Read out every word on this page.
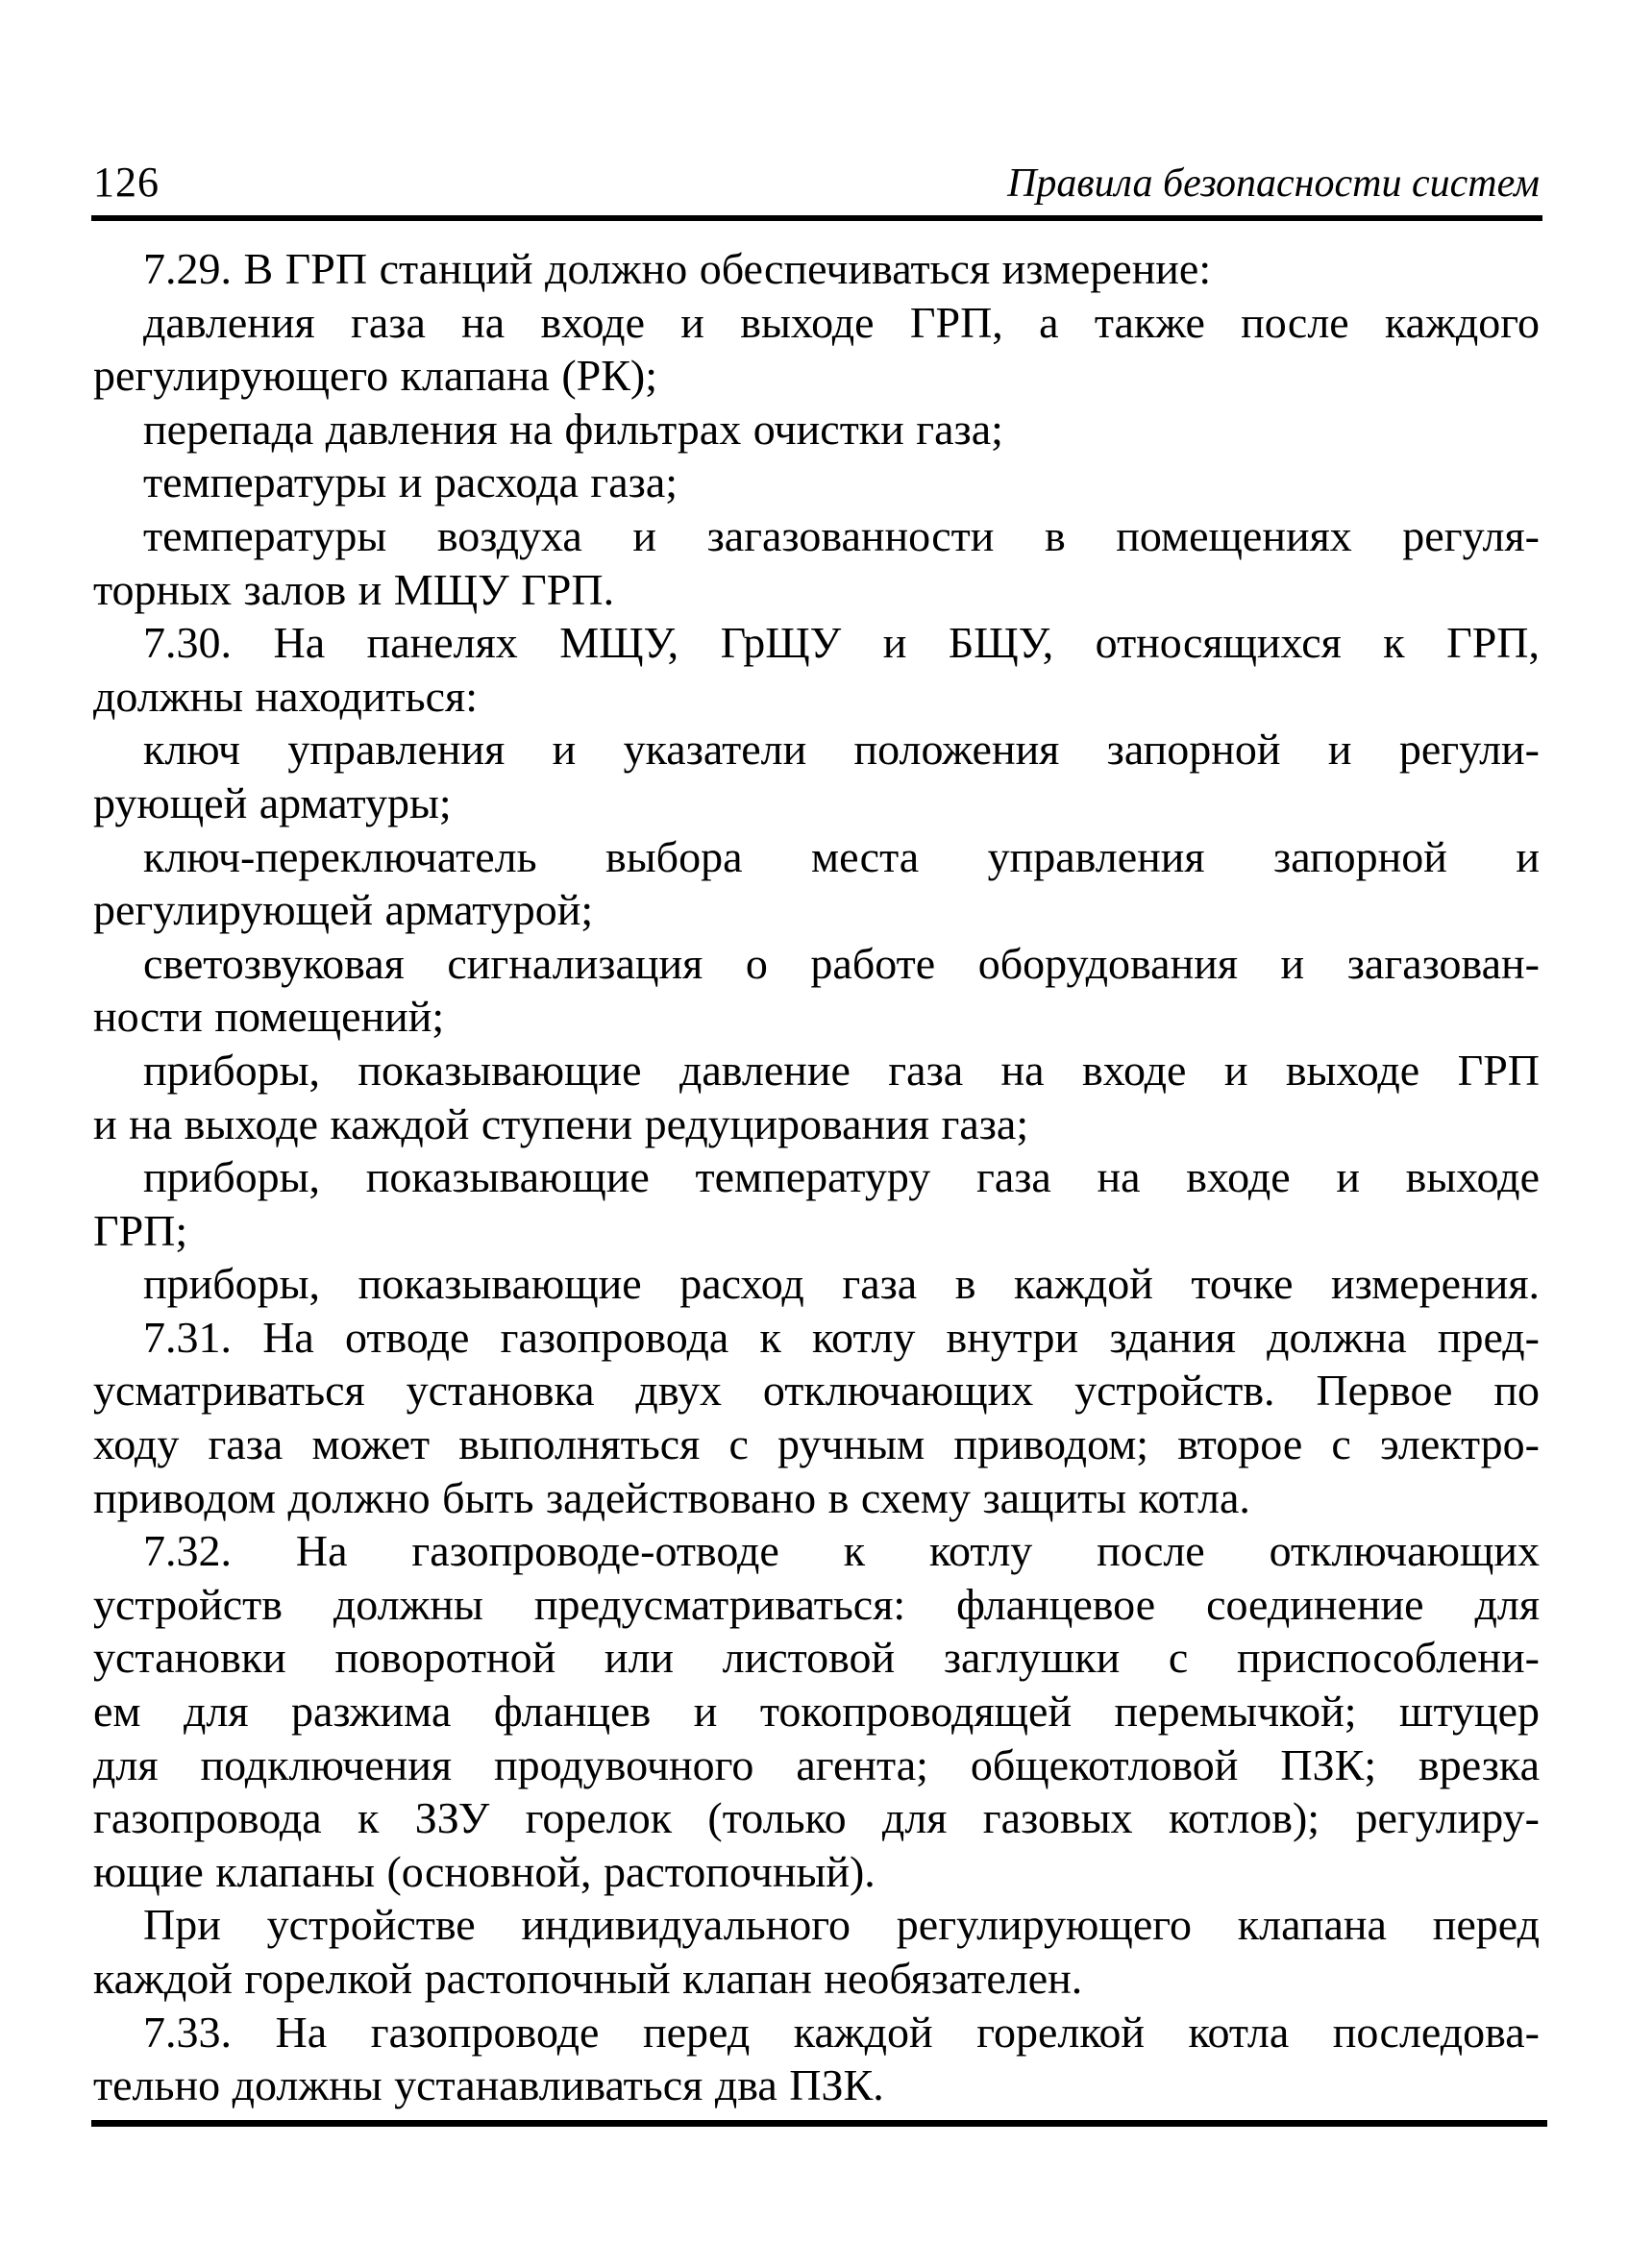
126	Правила безопасности систем
7.29. В ГРП станций должно обеспечиваться измерение:
давления газа на входе и выходе ГРП, а также после каждого
регулирующего клапана (РК);
перепада давления на фильтрах очистки газа;
температуры и расхода газа;
температуры воздуха и загазованности в помещениях регуля-
торных залов и МЩУ ГРП.
7.30. На панелях МЩУ, ГрЩУ и БЩУ, относящихся к ГРП,
должны находиться:
ключ управления и указатели положения запорной и регули-
рующей арматуры;
ключ-переключатель выбора места управления запорной и
регулирующей арматурой;
светозвуковая сигнализация о работе оборудования и загазован-
ности помещений;
приборы, показывающие давление газа на входе и выходе ГРП
и на выходе каждой ступени редуцирования газа;
приборы, показывающие температуру газа на входе и выходе
ГРП;
приборы, показывающие расход газа в каждой точке измерения.
7.31. На отводе газопровода к котлу внутри здания должна пред-
усматриваться установка двух отключающих устройств. Первое по
ходу газа может выполняться с ручным приводом; второе с электро-
приводом должно быть задействовано в схему защиты котла.
7.32. На газопроводе-отводе к котлу после отключающих
устройств должны предусматриваться: фланцевое соединение для
установки поворотной или листовой заглушки с приспособлени-
ем для разжима фланцев и токопроводящей перемычкой; штуцер
для подключения продувочного агента; общекотловой ПЗК; врезка
газопровода к ЗЗУ горелок (только для газовых котлов); регулиру-
ющие клапаны (основной, растопочный).
При устройстве индивидуального регулирующего клапана перед
каждой горелкой растопочный клапан необязателен.
7.33. На газопроводе перед каждой горелкой котла последова-
тельно должны устанавливаться два ПЗК.
